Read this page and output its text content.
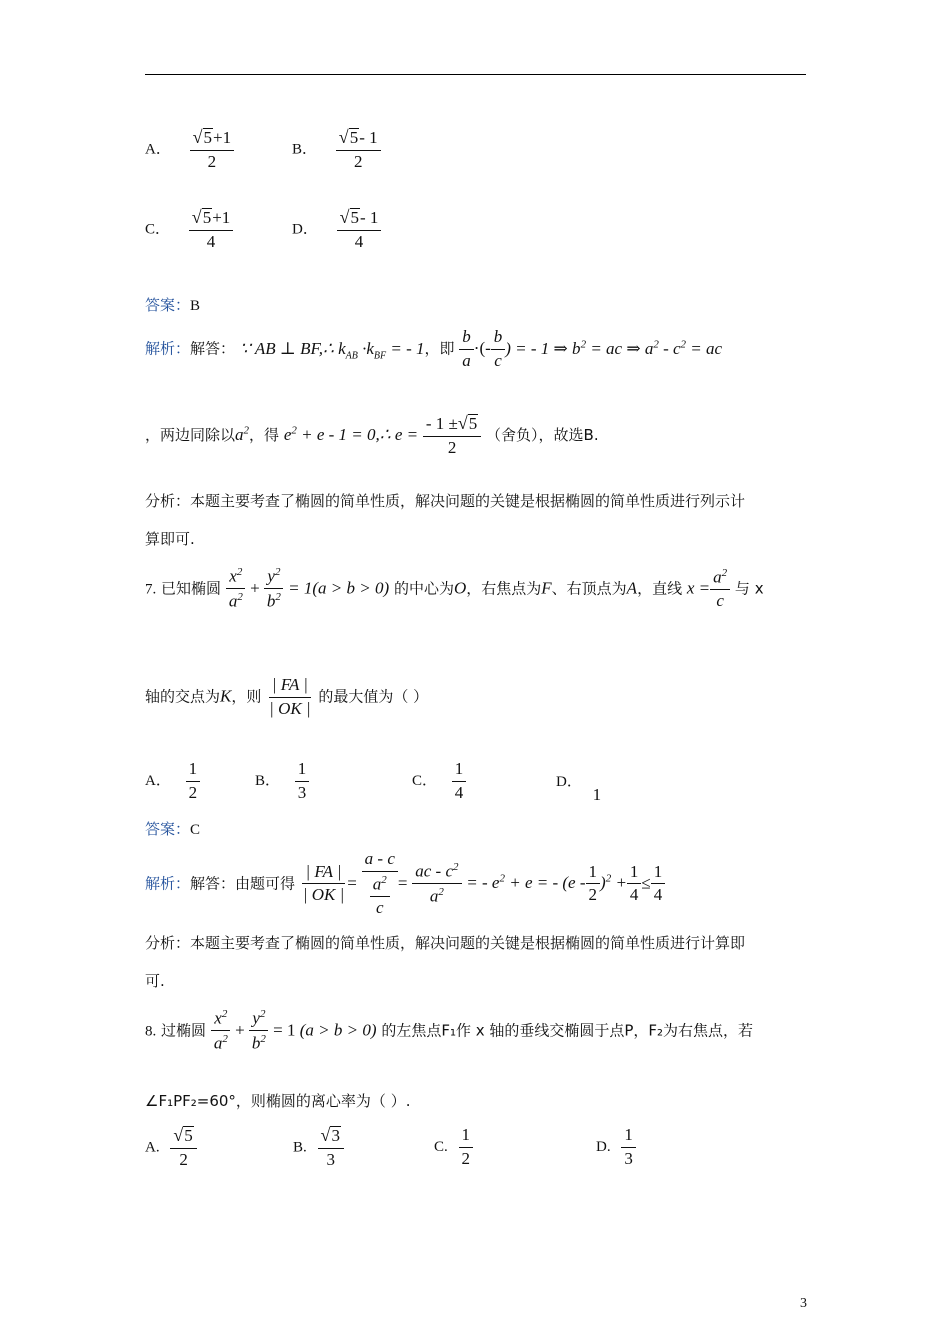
A． $\frac{√ 5 +1}{2}$	B． $\frac{√ 5 - 1}{2}$
C． $\frac{√ 5 +1}{4}$	D． $\frac{√ 5 - 1}{4}$
答案：B
解析：解答： ∵ AB ⊥ BF,∴ $k_{AB} \cdot k_{BF}$ = - 1，即 $\frac{b}{a}$ ·(- $\frac{b}{c}$ ) = - 1 ⇒ $b^2$ = ac ⇒ $a^2 - c^2$ = ac
，两边同除以$a^2$，得 $e^2 + e - 1$ = 0,∴ $e = \frac{- 1 \pm √ 5}{2}$ （舍负），故选B.
分析：本题主要考查了椭圆的简单性质，解决问题的关键是根据椭圆的简单性质进行列示计
算即可.
7. 已知椭圆 $\frac{x^2}{a^2} + \frac{y^2}{b^2} = 1(a > b > 0)$ 的中心为O，右焦点为F、右顶点为A，直线 $x = \frac{a^2}{c}$ 与 x
轴的交点为K，则 $\frac{| FA |}{| OK |}$ 的最大值为（ ）
A． $\frac{1}{2}$	B． $\frac{1}{3}$	C． $\frac{1}{4}$	D． 1
答案：C
解析：解答：由题可得 $\frac{| FA |}{| OK |} = \frac{a - c}{\frac{a^2}{c}} = \frac{ac - c^2}{a^2}$ = - $e^2 + e$ = - $(e - \frac{1}{2} )^2 + \frac{1}{4} \le \frac{1}{4}$
分析：本题主要考查了椭圆的简单性质，解决问题的关键是根据椭圆的简单性质进行计算即
可.
8. 过椭圆 $\frac{x^2}{a^2} + \frac{y^2}{b^2} = 1$ (a > b > 0) 的左焦点F₁作 x 轴的垂线交椭圆于点P，F₂为右焦点，若
∠F₁PF₂=60°，则椭圆的离心率为（ ）.
A. $\frac{√ 5}{2}$	B. $\frac{√ 3}{3}$	C. $\frac{1}{2}$	D. $\frac{1}{3}$
3
